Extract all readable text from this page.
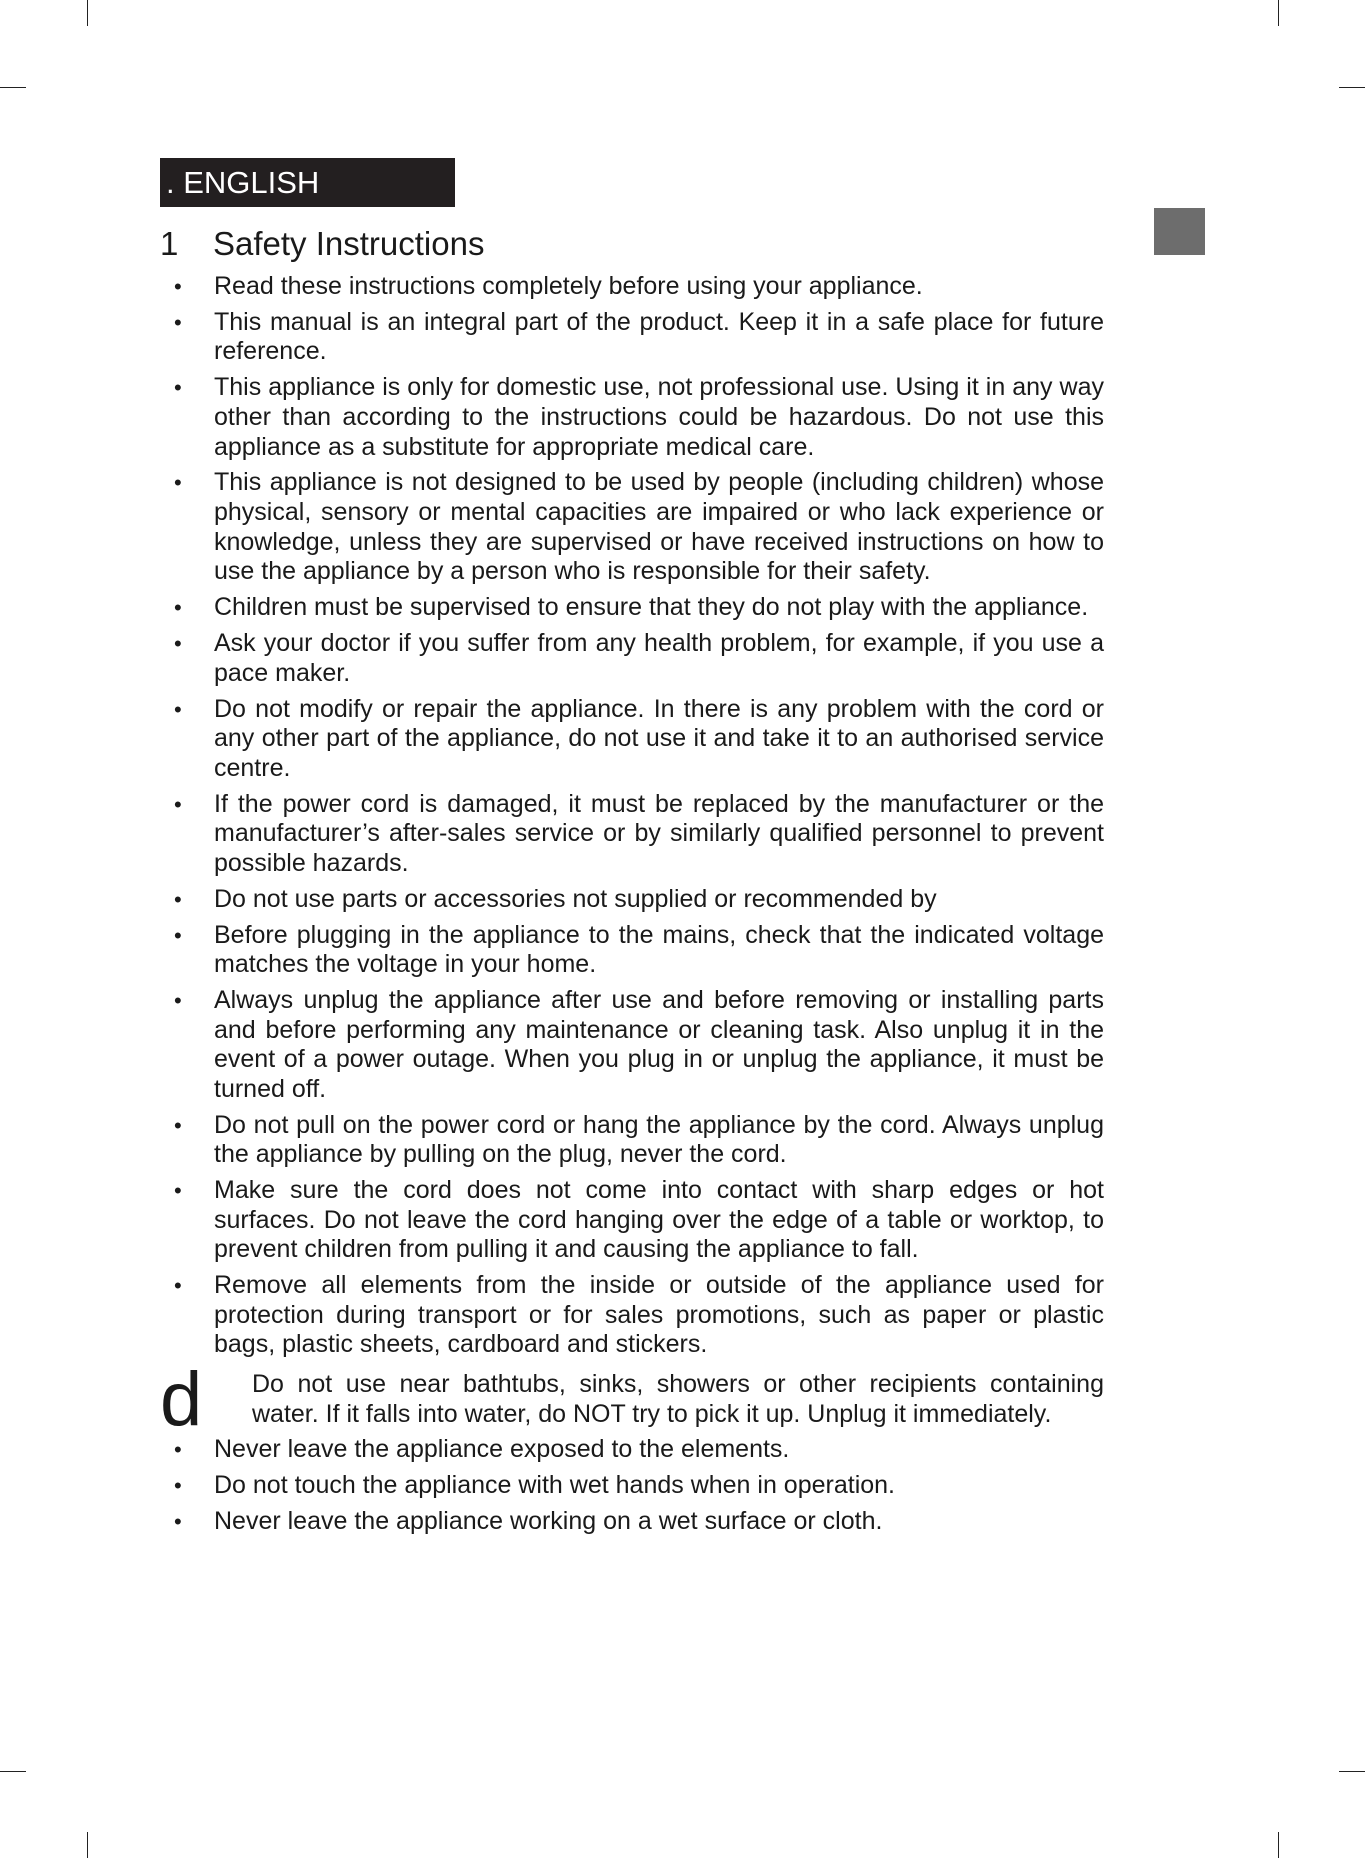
. ENGLISH
1 Safety Instructions
• Read these instructions completely before using your appliance.
• This manual is an integral part of the product. Keep it in a safe place for future reference.
• This appliance is only for domestic use, not professional use. Using it in any way other than according to the instructions could be hazardous. Do not use this appliance as a substitute for appropriate medical care.
• This appliance is not designed to be used by people (including children) whose physical, sensory or mental capacities are impaired or who lack experience or knowledge, unless they are supervised or have received instructions on how to use the appliance by a person who is responsible for their safety.
• Children must be supervised to ensure that they do not play with the appliance.
• Ask your doctor if you suffer from any health problem, for example, if you use a pace maker.
• Do not modify or repair the appliance. In there is any problem with the cord or any other part of the appliance, do not use it and take it to an authorised service centre.
• If the power cord is damaged, it must be replaced by the manufacturer or the manufacturer’s after-sales service or by similarly qualified personnel to prevent possible hazards.
• Do not use parts or accessories not supplied or recommended by
• Before plugging in the appliance to the mains, check that the indicated voltage matches the voltage in your home.
• Always unplug the appliance after use and before removing or installing parts and before performing any maintenance or cleaning task. Also unplug it in the event of a power outage. When you plug in or unplug the appliance, it must be turned off.
• Do not pull on the power cord or hang the appliance by the cord. Always unplug the appliance by pulling on the plug, never the cord.
• Make sure the cord does not come into contact with sharp edges or hot surfaces. Do not leave the cord hanging over the edge of a table or worktop, to prevent children from pulling it and causing the appliance to fall.
• Remove all elements from the inside or outside of the appliance used for protection during transport or for sales promotions, such as paper or plastic bags, plastic sheets, cardboard and stickers.
d Do not use near bathtubs, sinks, showers or other recipients containing water. If it falls into water, do NOT try to pick it up. Unplug it immediately.
• Never leave the appliance exposed to the elements.
• Do not touch the appliance with wet hands when in operation.
• Never leave the appliance working on a wet surface or cloth.
